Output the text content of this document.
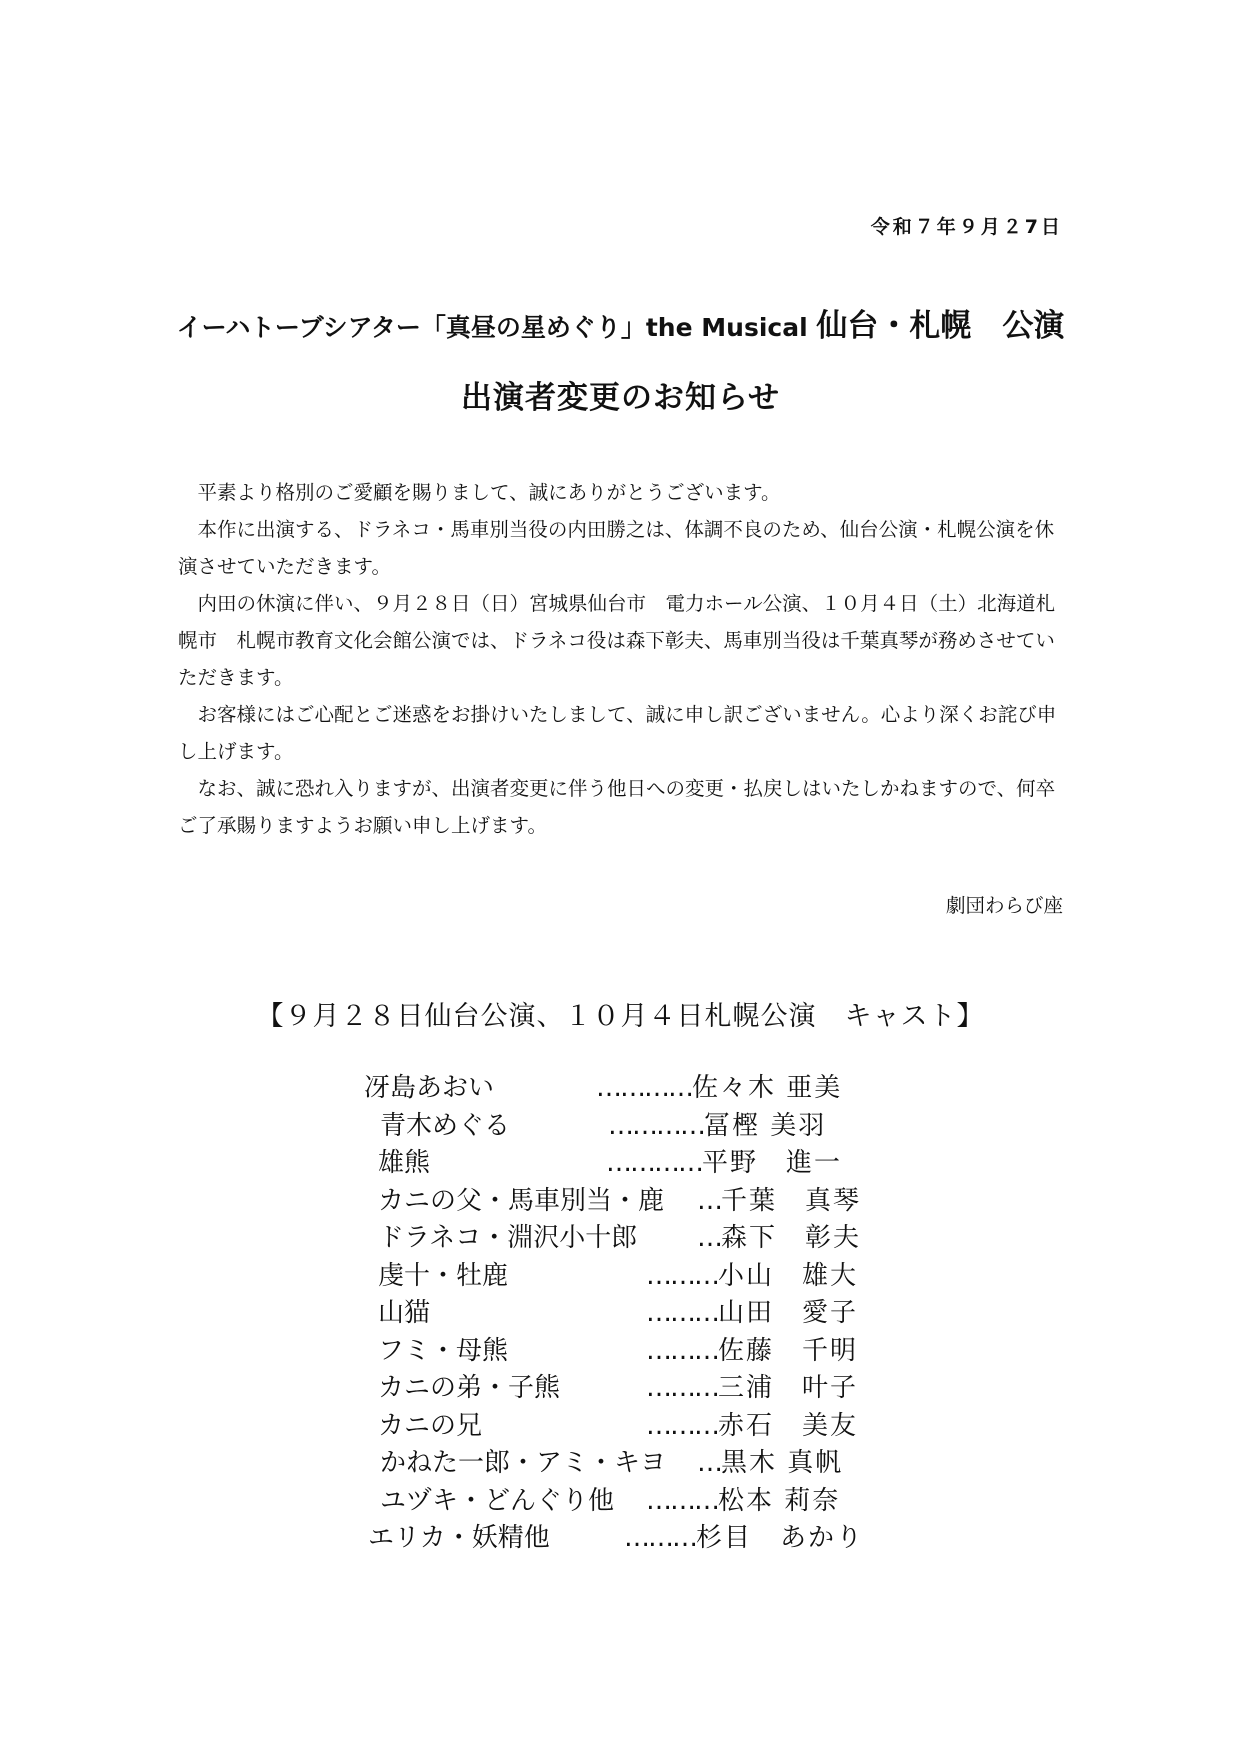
令和７年９月２7日
イーハトーブシアター「真昼の星めぐり」the Musical 仙台・札幌　公演
出演者変更のお知らせ

平素より格別のご愛顧を賜りまして、誠にありがとうございます。

本作に出演する、ドラネコ・馬車別当役の内田勝之は、体調不良のため、仙台公演・札幌公演を休演させていただきます。

内田の休演に伴い、９月２８日（日）宮城県仙台市　電力ホール公演、１０月４日（土）北海道札幌市　札幌市教育文化会館公演では、ドラネコ役は森下彰夫、馬車別当役は千葉真琴が務めさせていただきます。

お客様にはご心配とご迷惑をお掛けいたしまして、誠に申し訳ございません。心より深くお詫び申し上げます。

なお、誠に恐れ入りますが、出演者変更に伴う他日への変更・払戻しはいたしかねますので、何卒ご了承賜りますようお願い申し上げます。

劇団わらび座
【９月２８日仙台公演、１０月４日札幌公演　キャスト】
冴島あおい	………… 佐々木 亜美
青木めぐる	………… 冨樫 美羽
雄熊	………… 平野　進一
カニの父・馬車別当・鹿	… 千葉　真琴
ドラネコ・淵沢小十郎	… 森下　彰夫
虔十・牡鹿	……… 小山　雄大
山猫	……… 山田　愛子
フミ・母熊	……… 佐藤　千明
カニの弟・子熊	……… 三浦　叶子
カニの兄	……… 赤石　美友
かねた一郎・アミ・キヨ	… 黒木 真帆
ユヅキ・どんぐり他	……… 松本 莉奈
エリカ・妖精他	……… 杉目　あかり
